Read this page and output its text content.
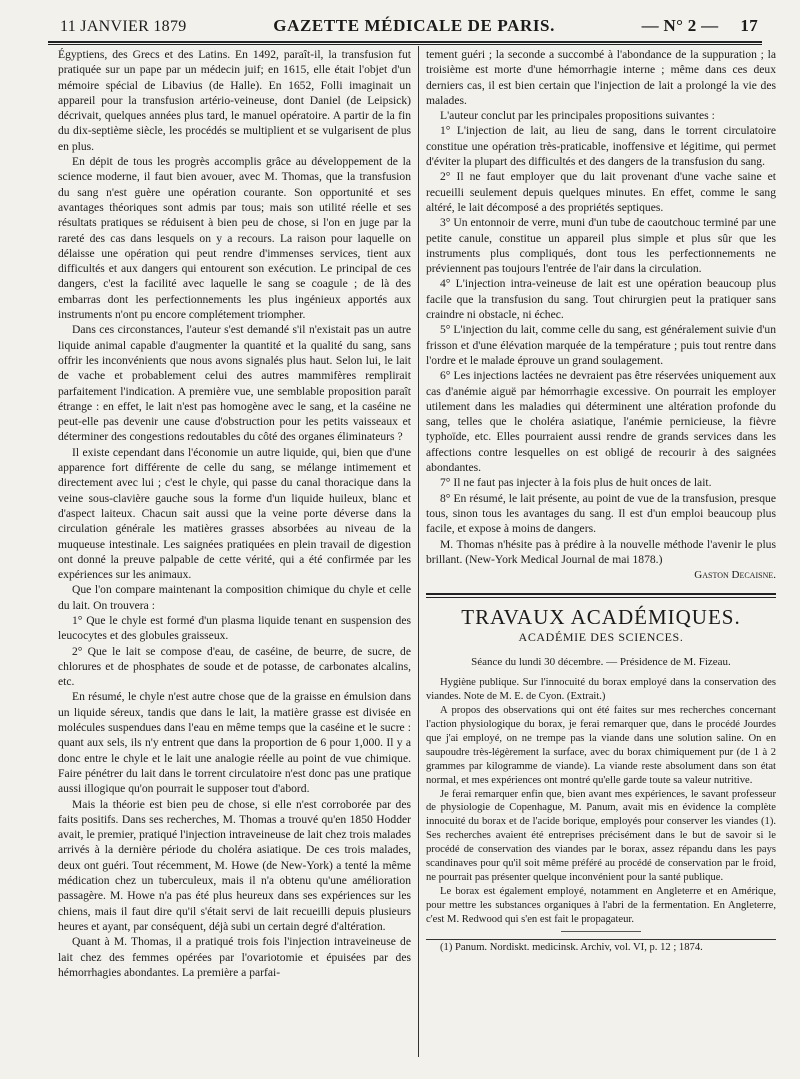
11 JANVIER 1879	GAZETTE MÉDICALE DE PARIS.	— N° 2 — 17

Égyptiens, des Grecs et des Latins. En 1492, paraît-il, la transfusion fut pratiquée sur un pape par un médecin juif; en 1615, elle était l'objet d'un mémoire spécial de Libavius (de Halle). En 1652, Folli imaginait un appareil pour la transfusion artério-veineuse, dont Daniel (de Leipsick) décrivait, quelques années plus tard, le manuel opératoire. A partir de la fin du dix-septième siècle, les procédés se multiplient et se vulgarisent de plus en plus.

En dépit de tous les progrès accomplis grâce au développement de la science moderne, il faut bien avouer, avec M. Thomas, que la transfusion du sang n'est guère une opération courante. Son opportunité et ses avantages théoriques sont admis par tous; mais son utilité réelle et ses résultats pratiques se réduisent à bien peu de chose, si l'on en juge par la rareté des cas dans lesquels on y a recours. La raison pour laquelle on délaisse une opération qui peut rendre d'immenses services, tient aux difficultés et aux dangers qui entourent son exécution. Le principal de ces dangers, c'est la facilité avec laquelle le sang se coagule ; de là des embarras dont les perfectionnements les plus ingénieux apportés aux instruments n'ont pu encore complétement triompher.

Dans ces circonstances, l'auteur s'est demandé s'il n'existait pas un autre liquide animal capable d'augmenter la quantité et la qualité du sang, sans offrir les inconvénients que nous avons signalés plus haut. Selon lui, le lait de vache et probablement celui des autres mammifères remplirait parfaitement l'indication. A première vue, une semblable proposition paraît étrange : en effet, le lait n'est pas homogène avec le sang, et la caséine ne peut-elle pas devenir une cause d'obstruction pour les petits vaisseaux et déterminer des congestions redoutables du côté des organes éliminateurs ?

Il existe cependant dans l'économie un autre liquide, qui, bien que d'une apparence fort différente de celle du sang, se mélange intimement et directement avec lui ; c'est le chyle, qui passe du canal thoracique dans la veine sous-clavière gauche sous la forme d'un liquide huileux, blanc et d'aspect laiteux. Chacun sait aussi que la veine porte déverse dans la circulation générale les matières grasses absorbées au niveau de la muqueuse intestinale. Les saignées pratiquées en plein travail de digestion ont donné la preuve palpable de cette vérité, qui a été confirmée par les expériences sur les animaux.

Que l'on compare maintenant la composition chimique du chyle et celle du lait. On trouvera :

1° Que le chyle est formé d'un plasma liquide tenant en suspension des leucocytes et des globules graisseux.

2° Que le lait se compose d'eau, de caséine, de beurre, de sucre, de chlorures et de phosphates de soude et de potasse, de carbonates alcalins, etc.

En résumé, le chyle n'est autre chose que de la graisse en émulsion dans un liquide séreux, tandis que dans le lait, la matière grasse est divisée en molécules suspendues dans l'eau en même temps que la caséine et le sucre : quant aux sels, ils n'y entrent que dans la proportion de 6 pour 1,000. Il y a donc entre le chyle et le lait une analogie réelle au point de vue chimique. Faire pénétrer du lait dans le torrent circulatoire n'est donc pas une pratique aussi illogique qu'on pourrait le supposer tout d'abord.

Mais la théorie est bien peu de chose, si elle n'est corroborée par des faits positifs. Dans ses recherches, M. Thomas a trouvé qu'en 1850 Hodder avait, le premier, pratiqué l'injection intraveineuse de lait chez trois malades arrivés à la dernière période du choléra asiatique. De ces trois malades, deux ont guéri. Tout récemment, M. Howe (de New-York) a tenté la même médication chez un tuberculeux, mais il n'a obtenu qu'une amélioration passagère. M. Howe n'a pas été plus heureux dans ses expériences sur les chiens, mais il faut dire qu'il s'était servi de lait recueilli depuis plusieurs heures et ayant, par conséquent, déjà subi un certain degré d'altération.

Quant à M. Thomas, il a pratiqué trois fois l'injection intraveineuse de lait chez des femmes opérées par l'ovariotomie et épuisées par des hémorrhagies abondantes. La première a parfai-

tement guéri ; la seconde a succombé à l'abondance de la suppuration ; la troisième est morte d'une hémorrhagie interne ; même dans ces deux derniers cas, il est bien certain que l'injection de lait a prolongé la vie des malades.

L'auteur conclut par les principales propositions suivantes :

1° L'injection de lait, au lieu de sang, dans le torrent circulatoire constitue une opération très-praticable, inoffensive et légitime, qui permet d'éviter la plupart des difficultés et des dangers de la transfusion du sang.

2° Il ne faut employer que du lait provenant d'une vache saine et recueilli seulement depuis quelques minutes. En effet, comme le sang altéré, le lait décomposé a des propriétés septiques.

3° Un entonnoir de verre, muni d'un tube de caoutchouc terminé par une petite canule, constitue un appareil plus simple et plus sûr que les instruments plus compliqués, dont tous les perfectionnements ne préviennent pas toujours l'entrée de l'air dans la circulation.

4° L'injection intra-veineuse de lait est une opération beaucoup plus facile que la transfusion du sang. Tout chirurgien peut la pratiquer sans craindre ni obstacle, ni échec.

5° L'injection du lait, comme celle du sang, est généralement suivie d'un frisson et d'une élévation marquée de la température ; puis tout rentre dans l'ordre et le malade éprouve un grand soulagement.

6° Les injections lactées ne devraient pas être réservées uniquement aux cas d'anémie aiguë par hémorrhagie excessive. On pourrait les employer utilement dans les maladies qui déterminent une altération profonde du sang, telles que le choléra asiatique, l'anémie pernicieuse, la fièvre typhoïde, etc. Elles pourraient aussi rendre de grands services dans les affections contre lesquelles on est obligé de recourir à des saignées abondantes.

7° Il ne faut pas injecter à la fois plus de huit onces de lait.

8° En résumé, le lait présente, au point de vue de la transfusion, presque tous, sinon tous les avantages du sang. Il est d'un emploi beaucoup plus facile, et expose à moins de dangers.

M. Thomas n'hésite pas à prédire à la nouvelle méthode l'avenir le plus brillant. (New-York Medical Journal de mai 1878.)

Gaston Decaisne.
TRAVAUX ACADÉMIQUES.
ACADÉMIE DES SCIENCES.
Séance du lundi 30 décembre. — Présidence de M. Fizeau.

Hygiène publique. Sur l'innocuité du borax employé dans la conservation des viandes. Note de M. E. de Cyon. (Extrait.)

A propos des observations qui ont été faites sur mes recherches concernant l'action physiologique du borax, je ferai remarquer que, dans le procédé Jourdes que j'ai employé, on ne trempe pas la viande dans une solution saline. On en saupoudre très-légèrement la surface, avec du borax chimiquement pur (de 1 à 2 grammes par kilogramme de viande). La viande reste absolument dans son état normal, et mes expériences ont montré qu'elle garde toute sa valeur nutritive.

Je ferai remarquer enfin que, bien avant mes expériences, le savant professeur de physiologie de Copenhague, M. Panum, avait mis en évidence la complète innocuité du borax et de l'acide borique, employés pour conserver les viandes (1). Ses recherches avaient été entreprises précisément dans le but de savoir si le procédé de conservation des viandes par le borax, assez répandu dans les pays scandinaves pour qu'il soit même préféré au procédé de conservation par le froid, ne pourrait pas présenter quelque inconvénient pour la santé publique.

Le borax est également employé, notamment en Angleterre et en Amérique, pour mettre les substances organiques à l'abri de la fermentation. En Angleterre, c'est M. Redwood qui s'en est fait le propagateur.

(1) Panum. Nordiskt. medicinsk. Archiv, vol. VI, p. 12 ; 1874.
